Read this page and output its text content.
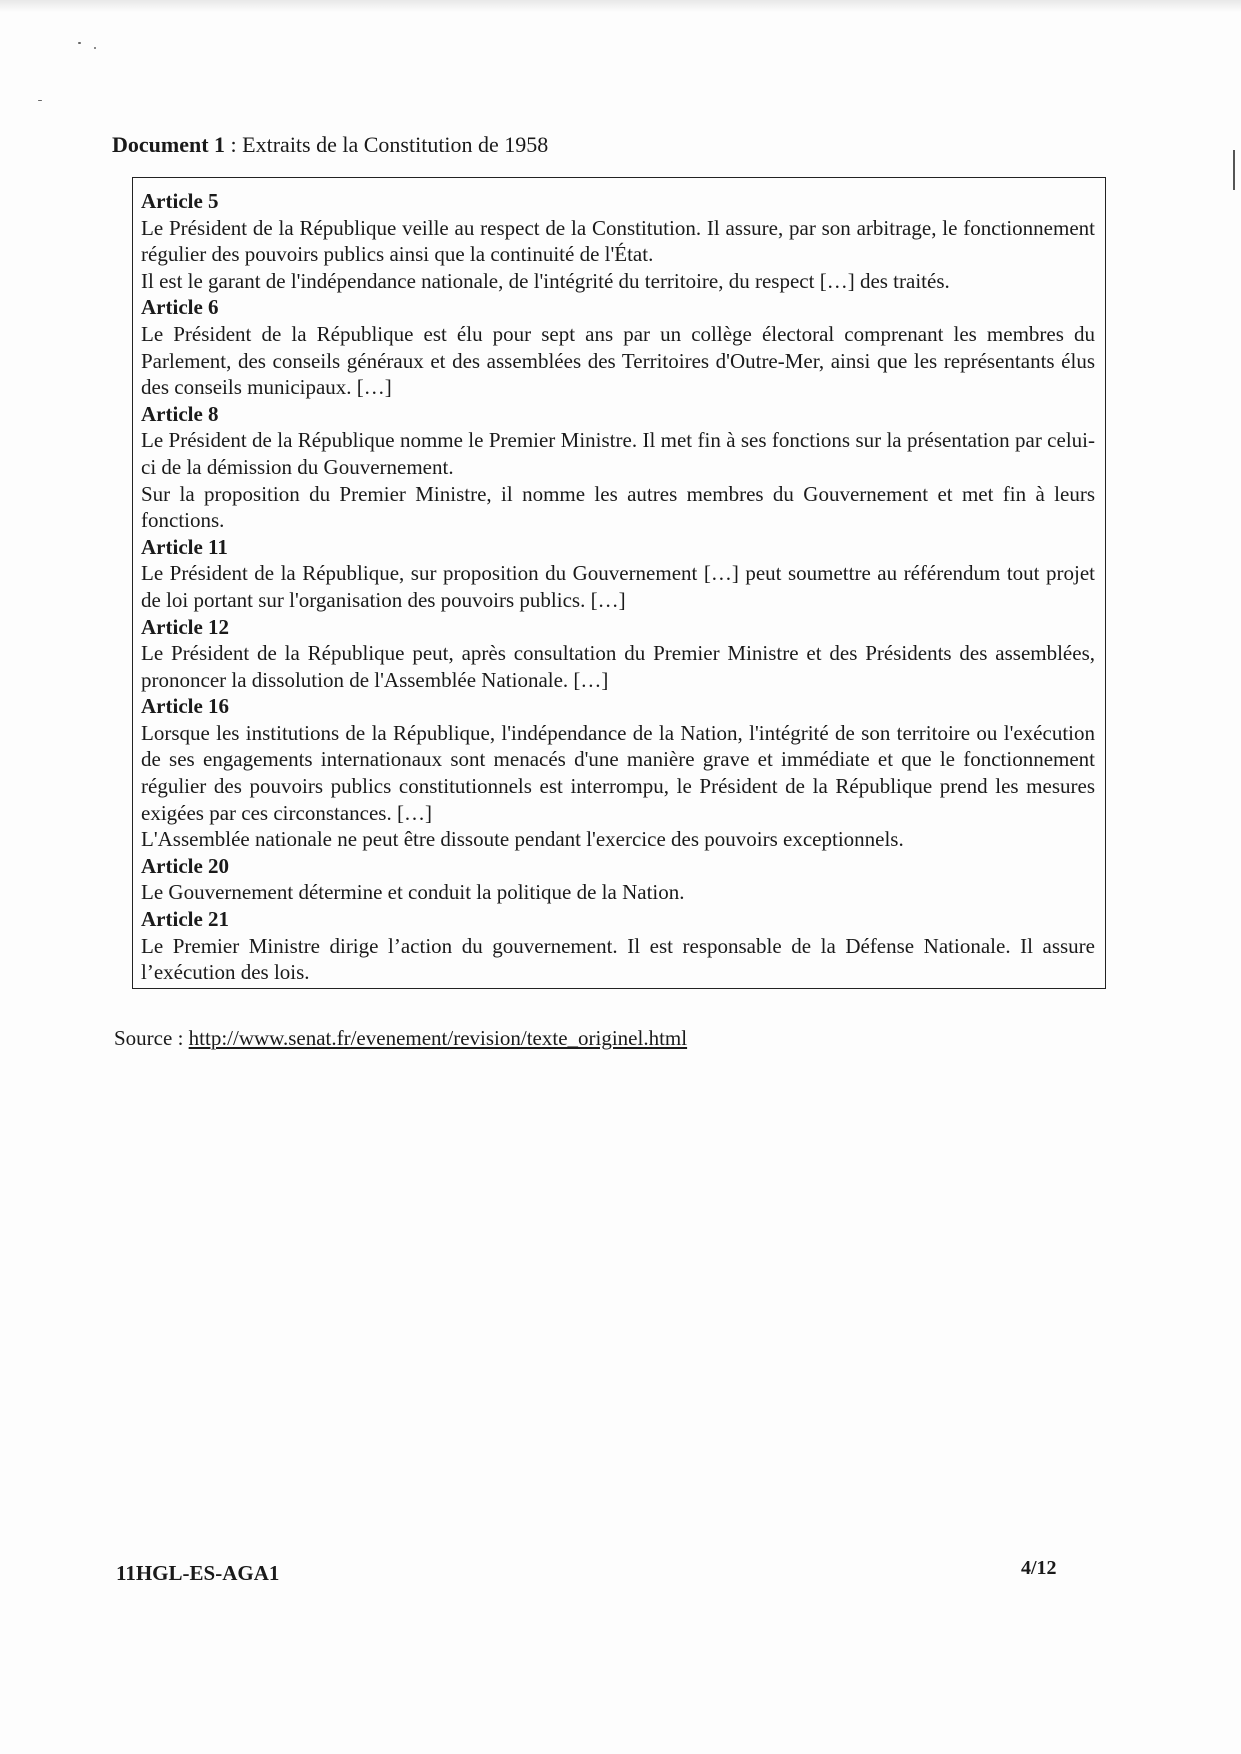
Document 1 : Extraits de la Constitution de 1958
Article 5

Le Président de la République veille au respect de la Constitution. Il assure, par son arbitrage, le fonctionnement régulier des pouvoirs publics ainsi que la continuité de l'État.

Il est le garant de l'indépendance nationale, de l'intégrité du territoire, du respect […] des traités.

Article 6

Le Président de la République est élu pour sept ans par un collège électoral comprenant les membres du Parlement, des conseils généraux et des assemblées des Territoires d'Outre-Mer, ainsi que les représentants élus des conseils municipaux. […]

Article 8

Le Président de la République nomme le Premier Ministre. Il met fin à ses fonctions sur la présentation par celui-ci de la démission du Gouvernement.

Sur la proposition du Premier Ministre, il nomme les autres membres du Gouvernement et met fin à leurs fonctions.

Article 11

Le Président de la République, sur proposition du Gouvernement […] peut soumettre au référendum tout projet de loi portant sur l'organisation des pouvoirs publics. […]

Article 12

Le Président de la République peut, après consultation du Premier Ministre et des Présidents des assemblées, prononcer la dissolution de l'Assemblée Nationale. […]

Article 16

Lorsque les institutions de la République, l'indépendance de la Nation, l'intégrité de son territoire ou l'exécution de ses engagements internationaux sont menacés d'une manière grave et immédiate et que le fonctionnement régulier des pouvoirs publics constitutionnels est interrompu, le Président de la République prend les mesures exigées par ces circonstances. […]

L'Assemblée nationale ne peut être dissoute pendant l'exercice des pouvoirs exceptionnels.

Article 20

Le Gouvernement détermine et conduit la politique de la Nation.

Article 21

Le Premier Ministre dirige l’action du gouvernement. Il est responsable de la Défense Nationale. Il assure l’exécution des lois.

Source : http://www.senat.fr/evenement/revision/texte_originel.html
11HGL-ES-AGA1	4/12
